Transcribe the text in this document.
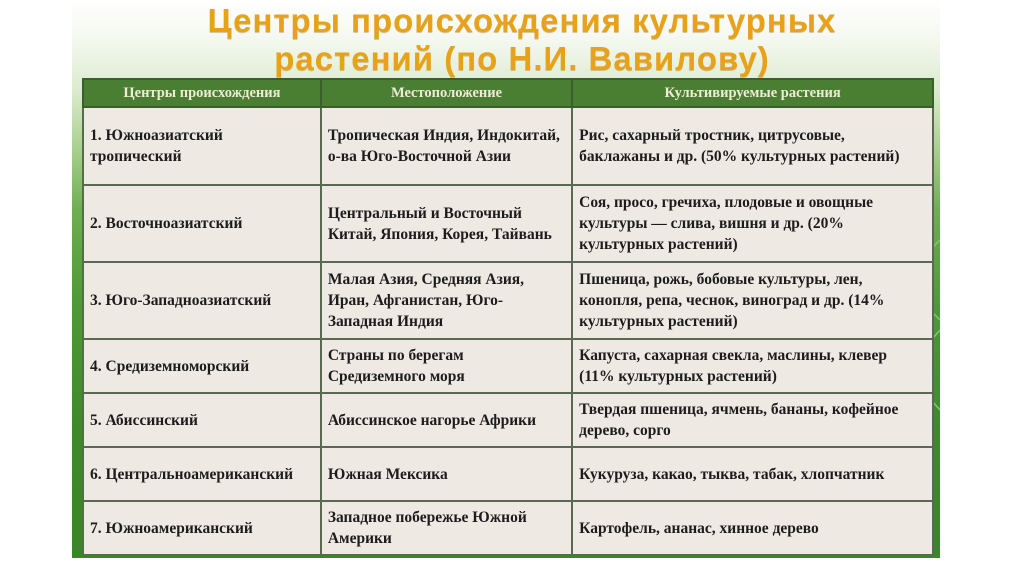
Центры происхождения культурных растений (по Н.И. Вавилову)
Центры происхождения	Местоположение	Культивируемые растения
1. Южноазиатский тропический	Тропическая Индия, Индокитай, о-ва Юго-Восточной Азии	Рис, сахарный тростник, цитрусовые, баклажаны и др. (50% культурных растений)
2. Восточноазиатский	Центральный и Восточный Китай, Япония, Корея, Тайвань	Соя, просо, гречиха, плодовые и овощные культуры — слива, вишня и др. (20% культурных растений)
3. Юго-Западноазиатский	Малая Азия, Средняя Азия, Иран, Афганистан, Юго-Западная Индия	Пшеница, рожь, бобовые культуры, лен, конопля, репа, чеснок, виноград и др. (14% культурных растений)
4. Средиземноморский	Страны по берегам Средиземного моря	Капуста, сахарная свекла, маслины, клевер (11% культурных растений)
5. Абиссинский	Абиссинское нагорье Африки	Твердая пшеница, ячмень, бананы, кофейное дерево, сорго
6. Центральноамериканский	Южная Мексика	Кукуруза, какао, тыква, табак, хлопчатник
7. Южноамериканский	Западное побережье Южной Америки	Картофель, ананас, хинное дерево
